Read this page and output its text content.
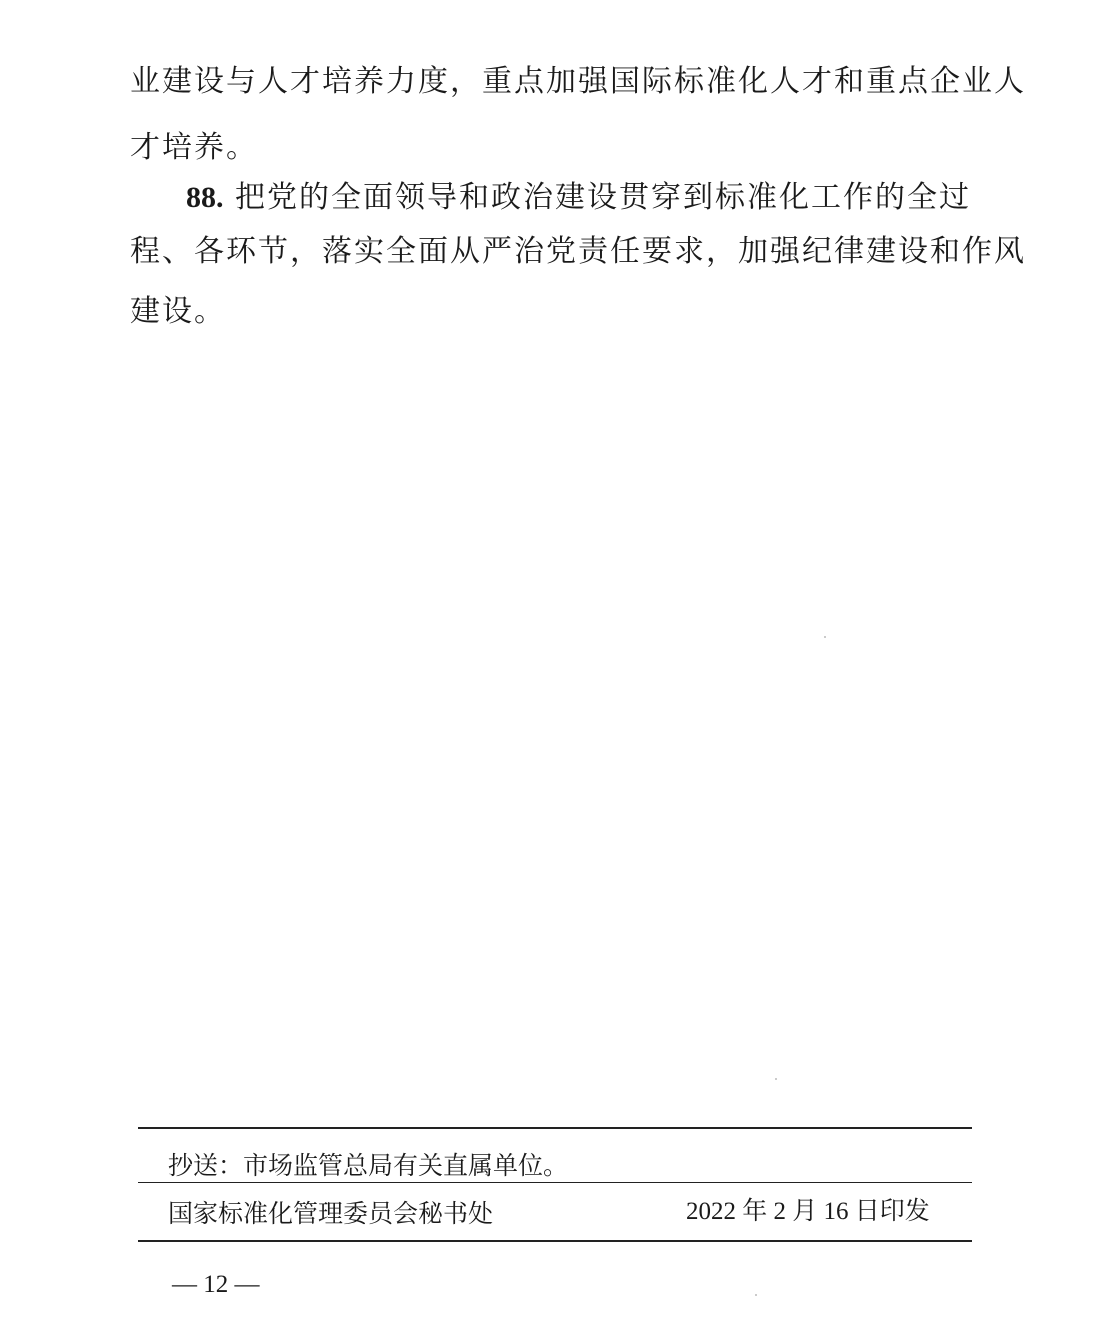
业建设与人才培养力度，重点加强国际标准化人才和重点企业人
才培养。
88. 把党的全面领导和政治建设贯穿到标准化工作的全过
程、各环节，落实全面从严治党责任要求，加强纪律建设和作风
建设。
抄送：市场监管总局有关直属单位。
国家标准化管理委员会秘书处	2022 年 2 月 16 日印发
— 12 —
